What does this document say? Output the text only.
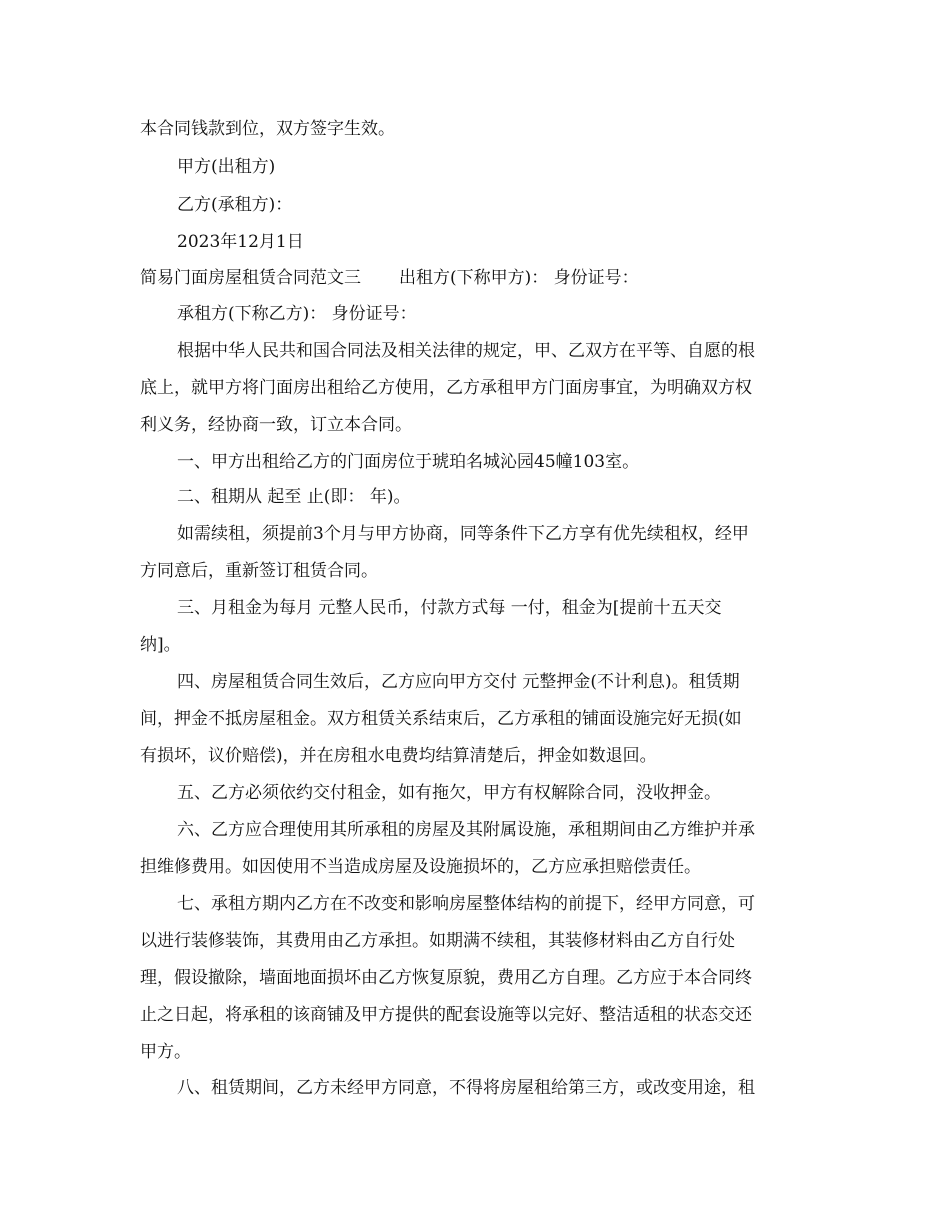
本合同钱款到位，双方签字生效。
甲方(出租方)
乙方(承租方)：
2023年12月1日
简易门面房屋租赁合同范文三 出租方(下称甲方)： 身份证号：
承租方(下称乙方)： 身份证号：
根据中华人民共和国合同法及相关法律的规定，甲、乙双方在平等、自愿的根
底上，就甲方将门面房出租给乙方使用，乙方承租甲方门面房事宜，为明确双方权
利义务，经协商一致，订立本合同。
一、甲方出租给乙方的门面房位于琥珀名城沁园45幢103室。
二、租期从 起至 止(即： 年)。
如需续租，须提前3个月与甲方协商，同等条件下乙方享有优先续租权，经甲
方同意后，重新签订租赁合同。
三、月租金为每月 元整人民币，付款方式每 一付，租金为[提前十五天交
纳]。
四、房屋租赁合同生效后，乙方应向甲方交付 元整押金(不计利息)。租赁期
间，押金不抵房屋租金。双方租赁关系结束后，乙方承租的铺面设施完好无损(如
有损坏，议价赔偿)，并在房租水电费均结算清楚后，押金如数退回。
五、乙方必须依约交付租金，如有拖欠，甲方有权解除合同，没收押金。
六、乙方应合理使用其所承租的房屋及其附属设施，承租期间由乙方维护并承
担维修费用。如因使用不当造成房屋及设施损坏的，乙方应承担赔偿责任。
七、承租方期内乙方在不改变和影响房屋整体结构的前提下，经甲方同意，可
以进行装修装饰，其费用由乙方承担。如期满不续租，其装修材料由乙方自行处
理，假设撤除，墙面地面损坏由乙方恢复原貌，费用乙方自理。乙方应于本合同终
止之日起，将承租的该商铺及甲方提供的配套设施等以完好、整洁适租的状态交还
甲方。
八、租赁期间，乙方未经甲方同意，不得将房屋租给第三方，或改变用途，租
